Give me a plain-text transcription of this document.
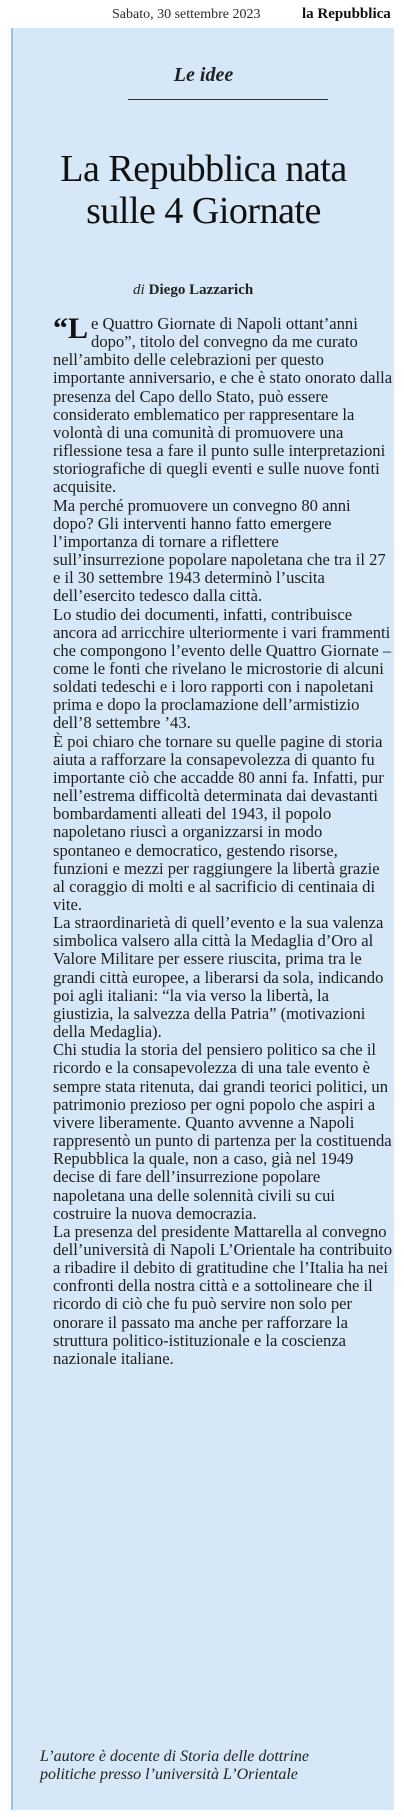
Sabato, 30 settembre 2023	la Repubblica
Le idee
La Repubblica nata
sulle 4 Giornate
di Diego Lazzarich

“Le Quattro Giornate di Napoli ottant’anni dopo”, titolo del convegno da me curato nell’ambito delle celebrazioni per questo importante anniversario, e che è stato onorato dalla presenza del Capo dello Stato, può essere considerato emblematico per rappresentare la volontà di una comunità di promuovere una riflessione tesa a fare il punto sulle interpretazioni storiografiche di quegli eventi e sulle nuove fonti acquisite.

Ma perché promuovere un convegno 80 anni dopo? Gli interventi hanno fatto emergere l’importanza di tornare a riflettere sull’insurrezione popolare napoletana che tra il 27 e il 30 settembre 1943 determinò l’uscita dell’esercito tedesco dalla città.

Lo studio dei documenti, infatti, contribuisce ancora ad arricchire ulteriormente i vari frammenti che compongono l’evento delle Quattro Giornate – come le fonti che rivelano le microstorie di alcuni soldati tedeschi e i loro rapporti con i napoletani prima e dopo la proclamazione dell’armistizio dell’8 settembre ’43.

È poi chiaro che tornare su quelle pagine di storia aiuta a rafforzare la consapevolezza di quanto fu importante ciò che accadde 80 anni fa. Infatti, pur nell’estrema difficoltà determinata dai devastanti bombardamenti alleati del 1943, il popolo napoletano riuscì a organizzarsi in modo spontaneo e democratico, gestendo risorse, funzioni e mezzi per raggiungere la libertà grazie al coraggio di molti e al sacrificio di centinaia di vite.

La straordinarietà di quell’evento e la sua valenza simbolica valsero alla città la Medaglia d’Oro al Valore Militare per essere riuscita, prima tra le grandi città europee, a liberarsi da sola, indicando poi agli italiani: “la via verso la libertà, la giustizia, la salvezza della Patria” (motivazioni della Medaglia).

Chi studia la storia del pensiero politico sa che il ricordo e la consapevolezza di una tale evento è sempre stata ritenuta, dai grandi teorici politici, un patrimonio prezioso per ogni popolo che aspiri a vivere liberamente. Quanto avvenne a Napoli rappresentò un punto di partenza per la costituenda Repubblica la quale, non a caso, già nel 1949 decise di fare dell’insurrezione popolare napoletana una delle solennità civili su cui costruire la nuova democrazia.

La presenza del presidente Mattarella al convegno dell’università di Napoli L’Orientale ha contribuito a ribadire il debito di gratitudine che l’Italia ha nei confronti della nostra città e a sottolineare che il ricordo di ciò che fu può servire non solo per onorare il passato ma anche per rafforzare la struttura politico-istituzionale e la coscienza nazionale italiane.

L’autore è docente di Storia delle dottrine politiche presso l’università L’Orientale
